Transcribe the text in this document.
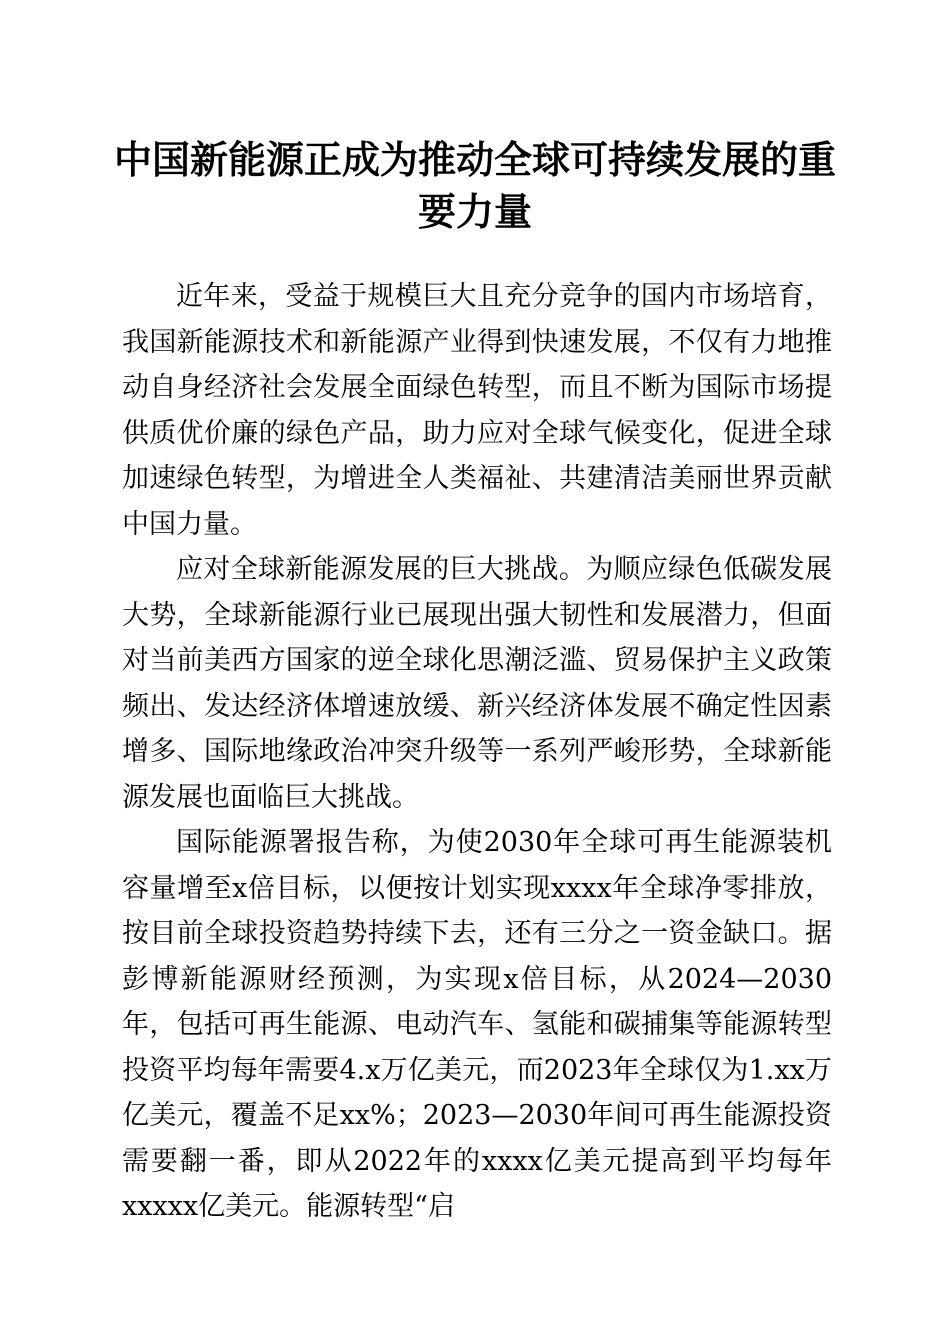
中国新能源正成为推动全球可持续发展的重要力量

近年来，受益于规模巨大且充分竞争的国内市场培育，我国新能源技术和新能源产业得到快速发展，不仅有力地推动自身经济社会发展全面绿色转型，而且不断为国际市场提供质优价廉的绿色产品，助力应对全球气候变化，促进全球加速绿色转型，为增进全人类福祉、共建清洁美丽世界贡献中国力量。

应对全球新能源发展的巨大挑战。为顺应绿色低碳发展大势，全球新能源行业已展现出强大韧性和发展潜力，但面对当前美西方国家的逆全球化思潮泛滥、贸易保护主义政策频出、发达经济体增速放缓、新兴经济体发展不确定性因素增多、国际地缘政治冲突升级等一系列严峻形势，全球新能源发展也面临巨大挑战。

国际能源署报告称，为使2030年全球可再生能源装机容量增至x倍目标，以便按计划实现xxxx年全球净零排放，按目前全球投资趋势持续下去，还有三分之一资金缺口。据彭博新能源财经预测，为实现x倍目标，从2024—2030年，包括可再生能源、电动汽车、氢能和碳捕集等能源转型投资平均每年需要4.x万亿美元，而2023年全球仅为1.xx万亿美元，覆盖不足xx%；2023—2030年间可再生能源投资需要翻一番，即从2022年的xxxx亿美元提高到平均每年xxxxx亿美元。能源转型“启
